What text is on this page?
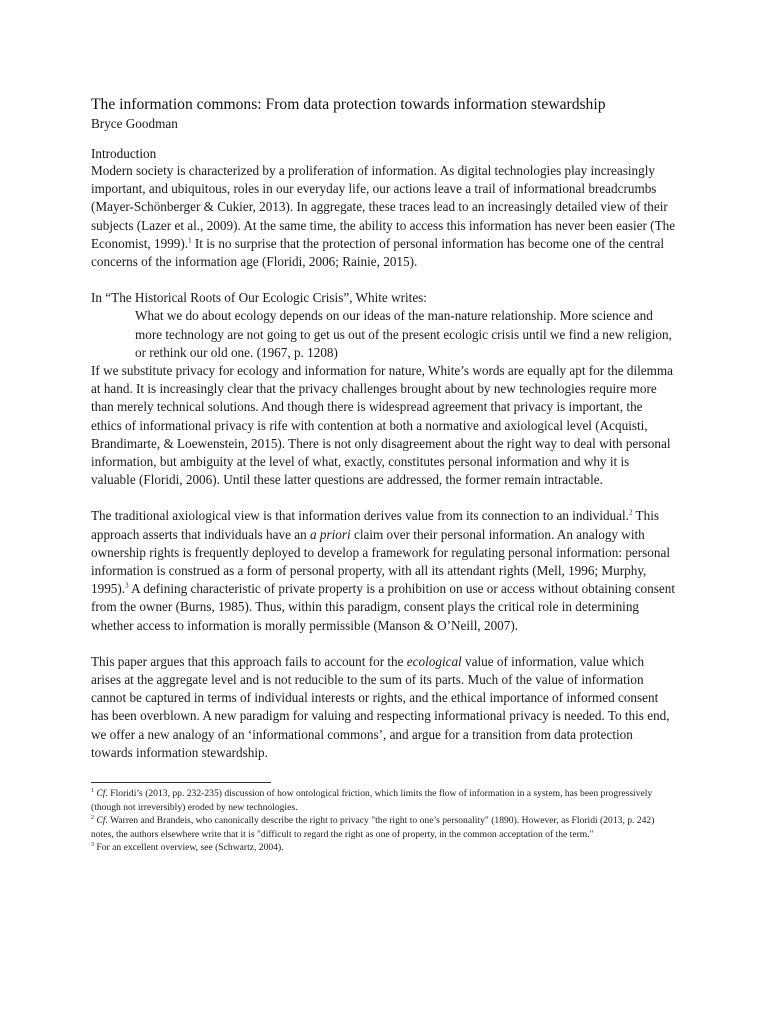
The information commons: From data protection towards information stewardship

Bryce Goodman

Introduction

Modern society is characterized by a proliferation of information. As digital technologies play increasingly important, and ubiquitous, roles in our everyday life, our actions leave a trail of informational breadcrumbs (Mayer-Schönberger & Cukier, 2013). In aggregate, these traces lead to an increasingly detailed view of their subjects (Lazer et al., 2009). At the same time, the ability to access this information has never been easier (The Economist, 1999).$^1$ It is no surprise that the protection of personal information has become one of the central concerns of the information age (Floridi, 2006; Rainie, 2015).

In “The Historical Roots of Our Ecologic Crisis”, White writes:

What we do about ecology depends on our ideas of the man-nature relationship. More science and more technology are not going to get us out of the present ecologic crisis until we find a new religion, or rethink our old one. (1967, p. 1208)

If we substitute privacy for ecology and information for nature, White’s words are equally apt for the dilemma at hand. It is increasingly clear that the privacy challenges brought about by new technologies require more than merely technical solutions. And though there is widespread agreement that privacy is important, the ethics of informational privacy is rife with contention at both a normative and axiological level (Acquisti, Brandimarte, & Loewenstein, 2015). There is not only disagreement about the right way to deal with personal information, but ambiguity at the level of what, exactly, constitutes personal information and why it is valuable (Floridi, 2006). Until these latter questions are addressed, the former remain intractable.

The traditional axiological view is that information derives value from its connection to an individual.$^2$ This approach asserts that individuals have an a priori claim over their personal information. An analogy with ownership rights is frequently deployed to develop a framework for regulating personal information: personal information is construed as a form of personal property, with all its attendant rights (Mell, 1996; Murphy, 1995).$^3$ A defining characteristic of private property is a prohibition on use or access without obtaining consent from the owner (Burns, 1985). Thus, within this paradigm, consent plays the critical role in determining whether access to information is morally permissible (Manson & O’Neill, 2007).

This paper argues that this approach fails to account for the ecological value of information, value which arises at the aggregate level and is not reducible to the sum of its parts. Much of the value of information cannot be captured in terms of individual interests or rights, and the ethical importance of informed consent has been overblown. A new paradigm for valuing and respecting informational privacy is needed. To this end, we offer a new analogy of an ‘informational commons’, and argue for a transition from data protection towards information stewardship.

$^1$ Cf. Floridi’s (2013, pp. 232-235) discussion of how ontological friction, which limits the flow of information in a system, has been progressively (though not irreversibly) eroded by new technologies.

$^2$ Cf. Warren and Brandeis, who canonically describe the right to privacy "the right to one’s personality" (1890). However, as Floridi (2013, p. 242) notes, the authors elsewhere write that it is "difficult to regard the right as one of property, in the common acceptation of the term."

$^3$ For an excellent overview, see (Schwartz, 2004).
